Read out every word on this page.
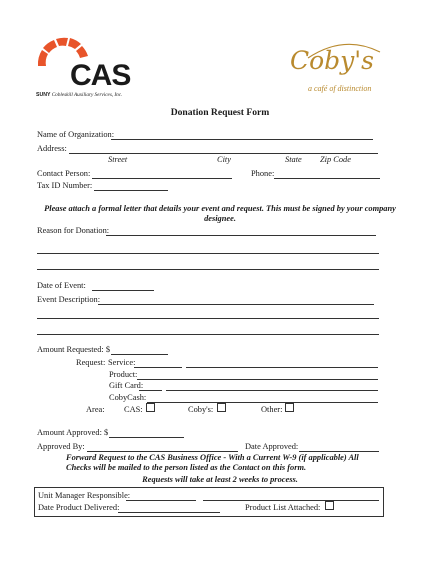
CAS
SUNY Cobleskill Auxiliary Services, Inc.
Coby's
a café of distinction
Donation Request Form
Name of Organization:
Address:
Street	City	State Zip Code
Contact Person:	Phone:
Tax ID Number:
Please attach a formal letter that details your event and request. This must be signed by your company designee.
Reason for Donation:
Date of Event:
Event Description:
Amount Requested: $
Request: Service:
Product:
Gift Card:
CobyCash:
Area: CAS:	Coby's:	Other:
Amount Approved: $
Approved By:	Date Approved:
Forward Request to the CAS Business Office - With a Current W-9 (if applicable) All Checks will be mailed to the person listed as the Contact on this form.
Requests will take at least 2 weeks to process.
Unit Manager Responsible:
Date Product Delivered:	Product List Attached:
